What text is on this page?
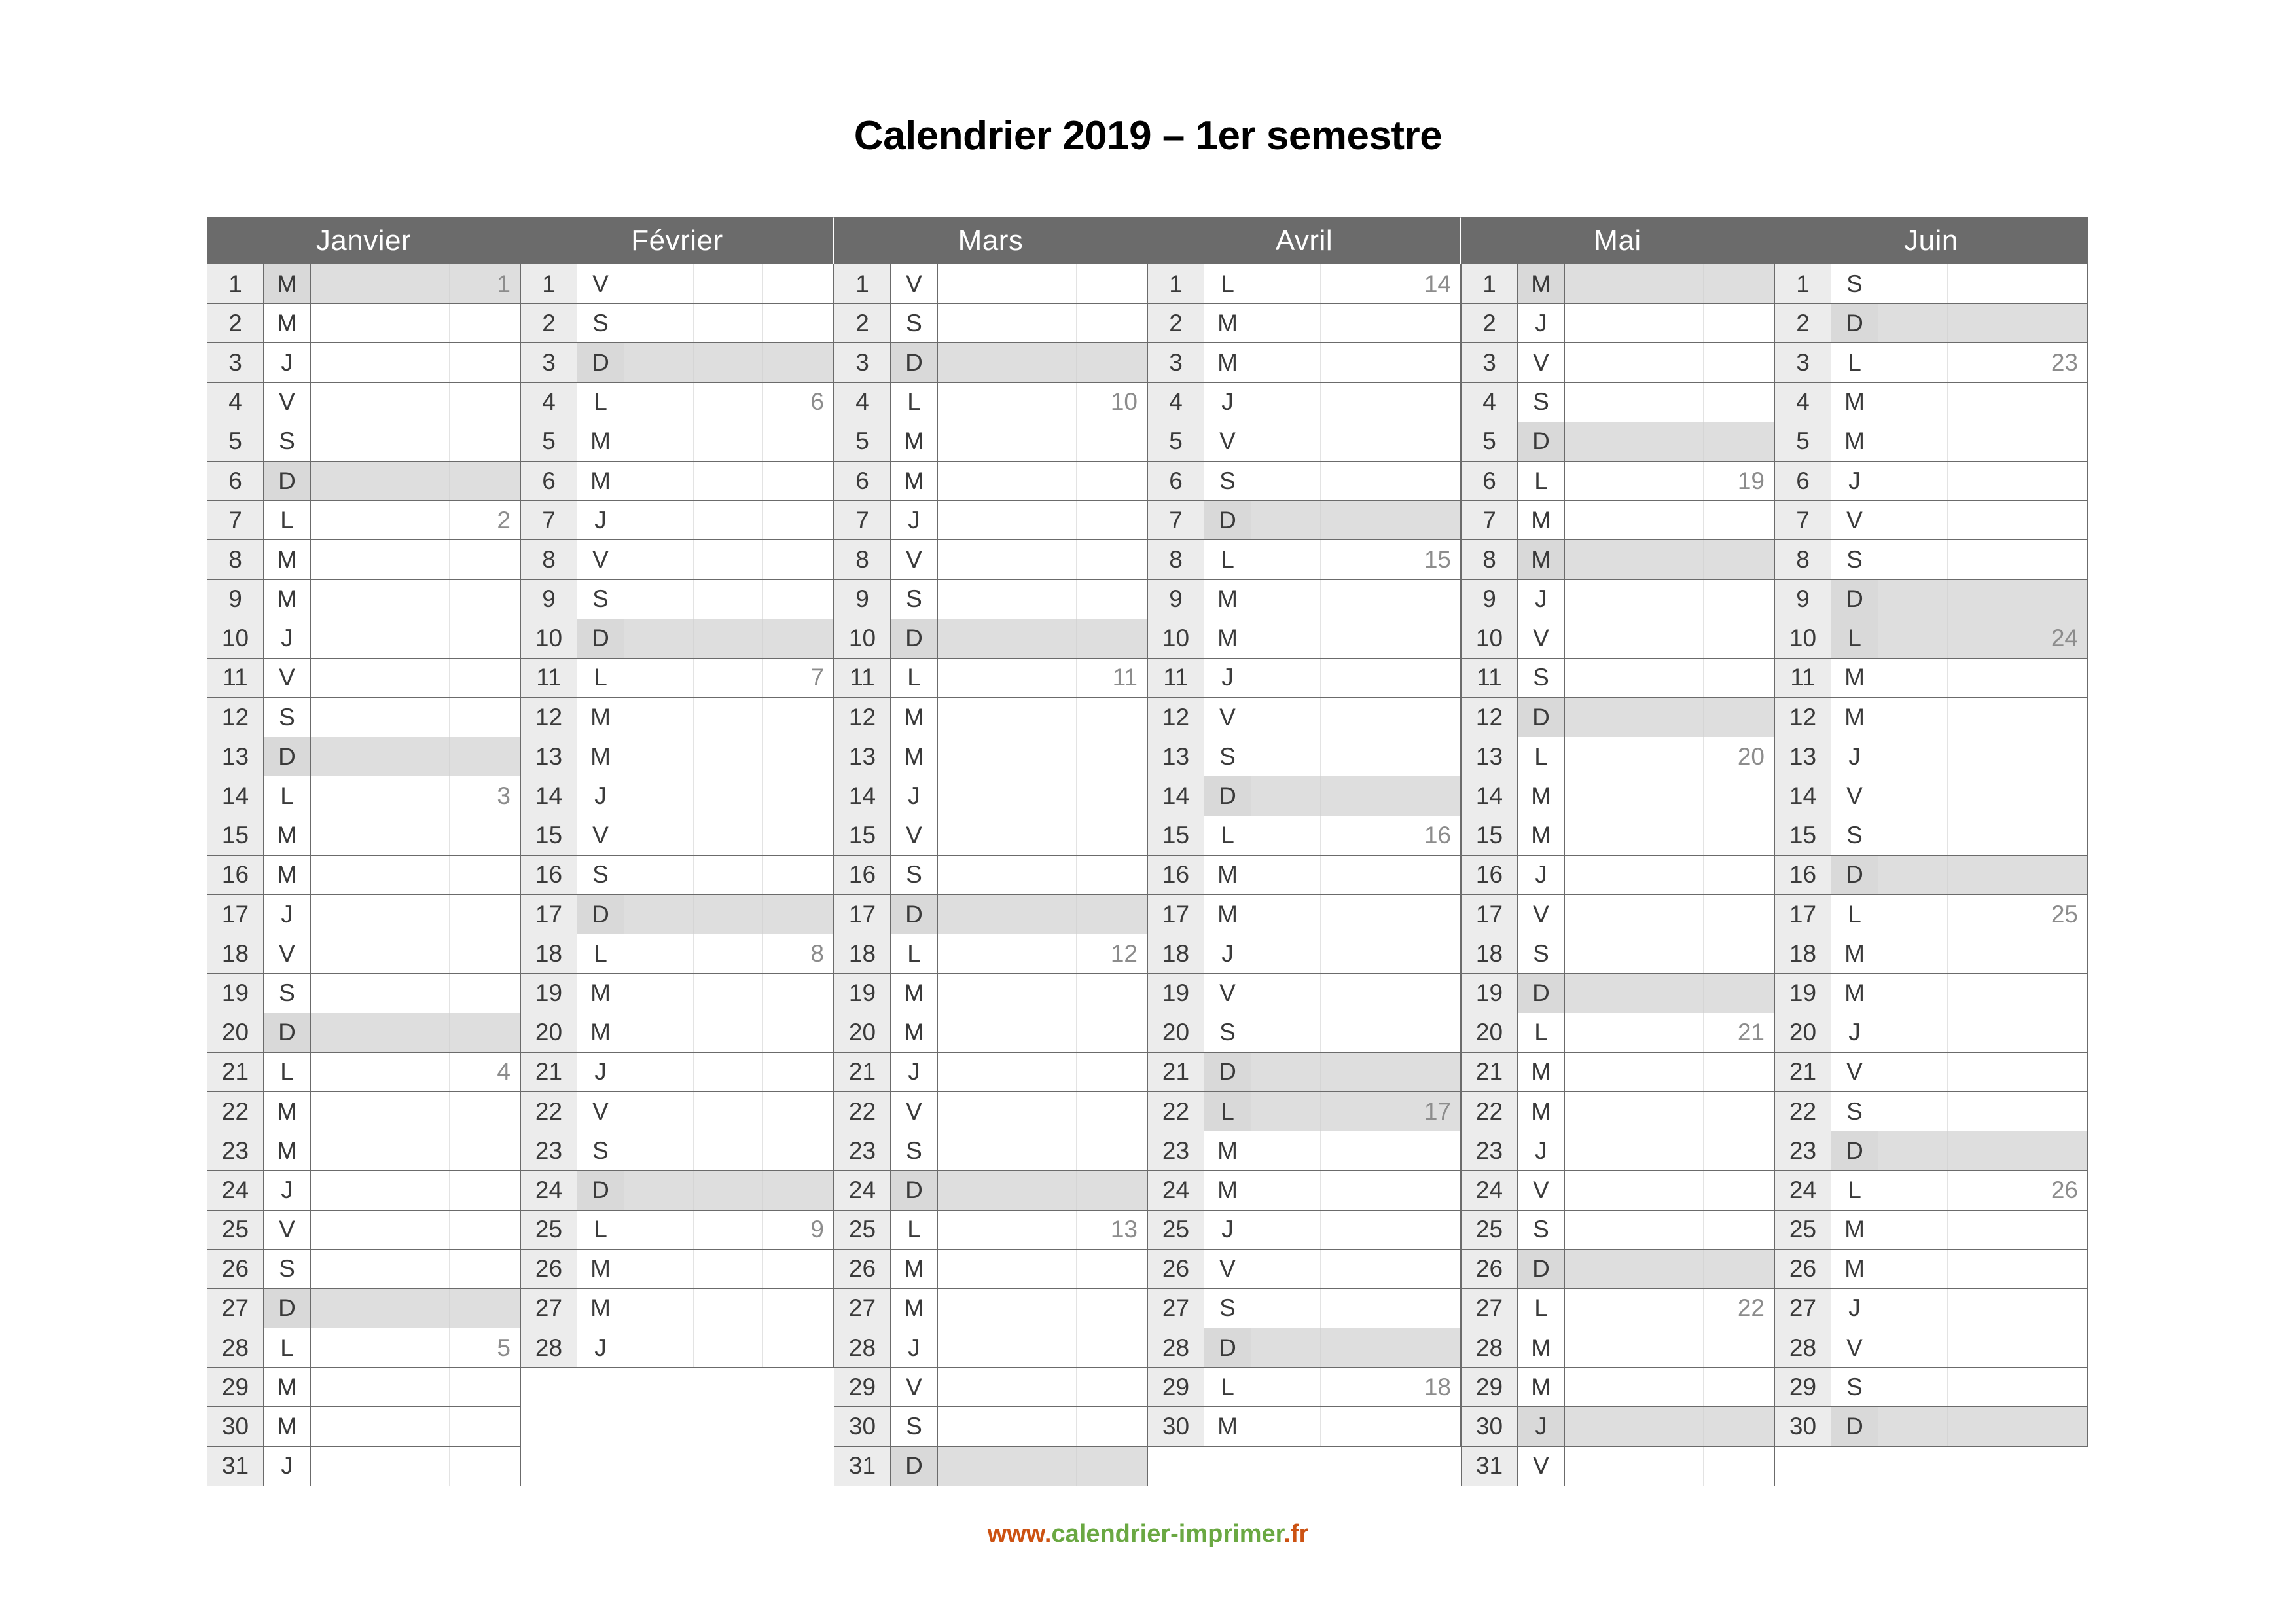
Calendrier 2019 – 1er semestre
Janvier
1	M	1
2	M
3	J
4	V
5	S
6	D
7	L	2
8	M
9	M
10	J
11	V
12	S
13	D
14	L	3
15	M
16	M
17	J
18	V
19	S
20	D
21	L	4
22	M
23	M
24	J
25	V
26	S
27	D
28	L	5
29	M
30	M
31	J
Février
1	V
2	S
3	D
4	L	6
5	M
6	M
7	J
8	V
9	S
10	D
11	L	7
12	M
13	M
14	J
15	V
16	S
17	D
18	L	8
19	M
20	M
21	J
22	V
23	S
24	D
25	L	9
26	M
27	M
28	J
Mars
1	V
2	S
3	D
4	L	10
5	M
6	M
7	J
8	V
9	S
10	D
11	L	11
12	M
13	M
14	J
15	V
16	S
17	D
18	L	12
19	M
20	M
21	J
22	V
23	S
24	D
25	L	13
26	M
27	M
28	J
29	V
30	S
31	D
Avril
1	L	14
2	M
3	M
4	J
5	V
6	S
7	D
8	L	15
9	M
10	M
11	J
12	V
13	S
14	D
15	L	16
16	M
17	M
18	J
19	V
20	S
21	D
22	L	17
23	M
24	M
25	J
26	V
27	S
28	D
29	L	18
30	M
Mai
1	M
2	J
3	V
4	S
5	D
6	L	19
7	M
8	M
9	J
10	V
11	S
12	D
13	L	20
14	M
15	M
16	J
17	V
18	S
19	D
20	L	21
21	M
22	M
23	J
24	V
25	S
26	D
27	L	22
28	M
29	M
30	J
31	V
Juin
1	S
2	D
3	L	23
4	M
5	M
6	J
7	V
8	S
9	D
10	L	24
11	M
12	M
13	J
14	V
15	S
16	D
17	L	25
18	M
19	M
20	J
21	V
22	S
23	D
24	L	26
25	M
26	M
27	J
28	V
29	S
30	D
www.calendrier-imprimer.fr
